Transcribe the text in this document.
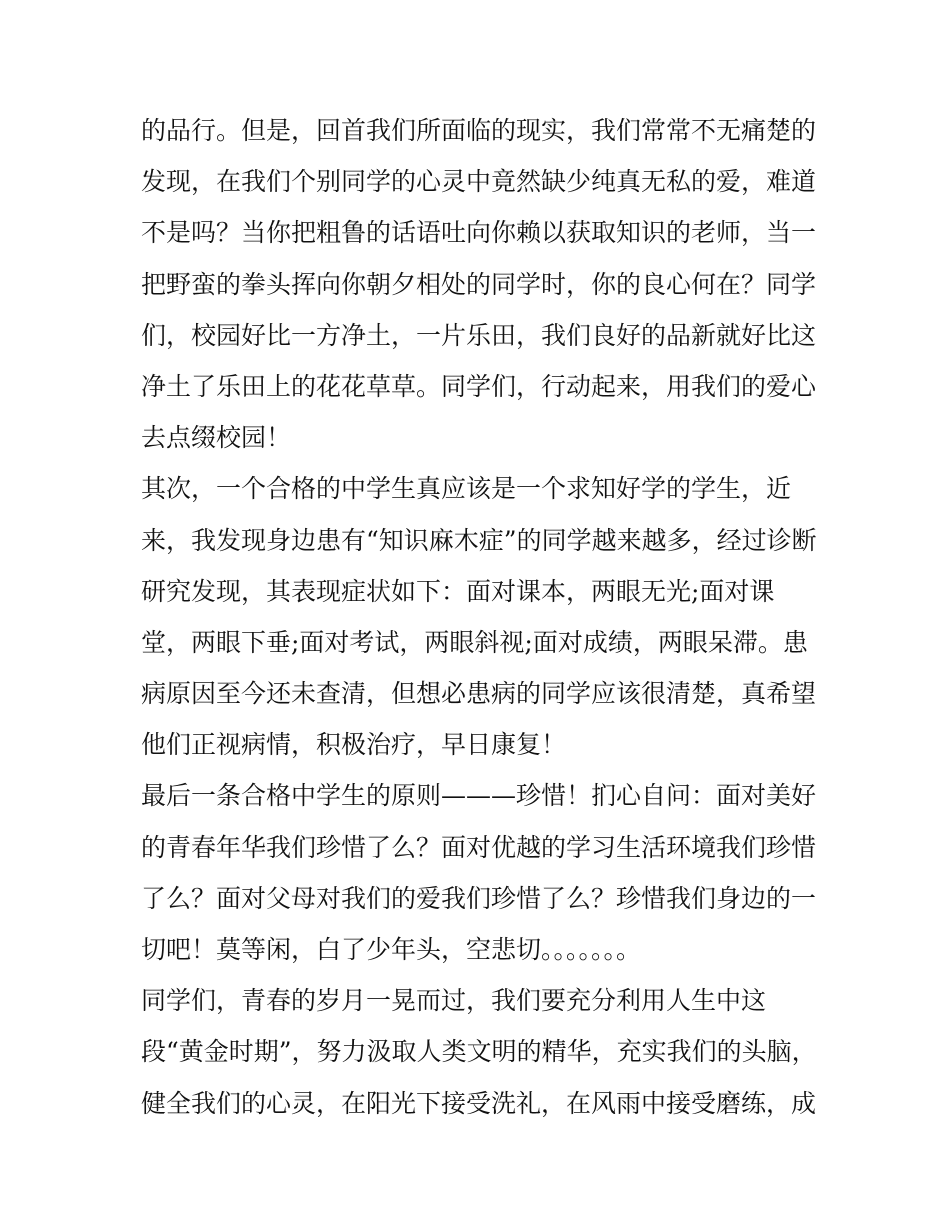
的品行。但是，回首我们所面临的现实，我们常常不无痛楚的
发现，在我们个别同学的心灵中竟然缺少纯真无私的爱，难道
不是吗？当你把粗鲁的话语吐向你赖以获取知识的老师，当一
把野蛮的拳头挥向你朝夕相处的同学时，你的良心何在？同学
们，校园好比一方净土，一片乐田，我们良好的品新就好比这
净土了乐田上的花花草草。同学们，行动起来，用我们的爱心
去点缀校园！
其次，一个合格的中学生真应该是一个求知好学的学生，近
来，我发现身边患有“知识麻木症”的同学越来越多，经过诊断
研究发现，其表现症状如下：面对课本，两眼无光;面对课
堂，两眼下垂;面对考试，两眼斜视;面对成绩，两眼呆滞。患
病原因至今还未查清，但想必患病的同学应该很清楚，真希望
他们正视病情，积极治疗，早日康复！
最后一条合格中学生的原则———珍惜！扪心自问：面对美好
的青春年华我们珍惜了么？面对优越的学习生活环境我们珍惜
了么？面对父母对我们的爱我们珍惜了么？珍惜我们身边的一
切吧！莫等闲，白了少年头，空悲切。。。。。。。
同学们，青春的岁月一晃而过，我们要充分利用人生中这
段“黄金时期”，努力汲取人类文明的精华，充实我们的头脑，
健全我们的心灵，在阳光下接受洗礼，在风雨中接受磨练，成
